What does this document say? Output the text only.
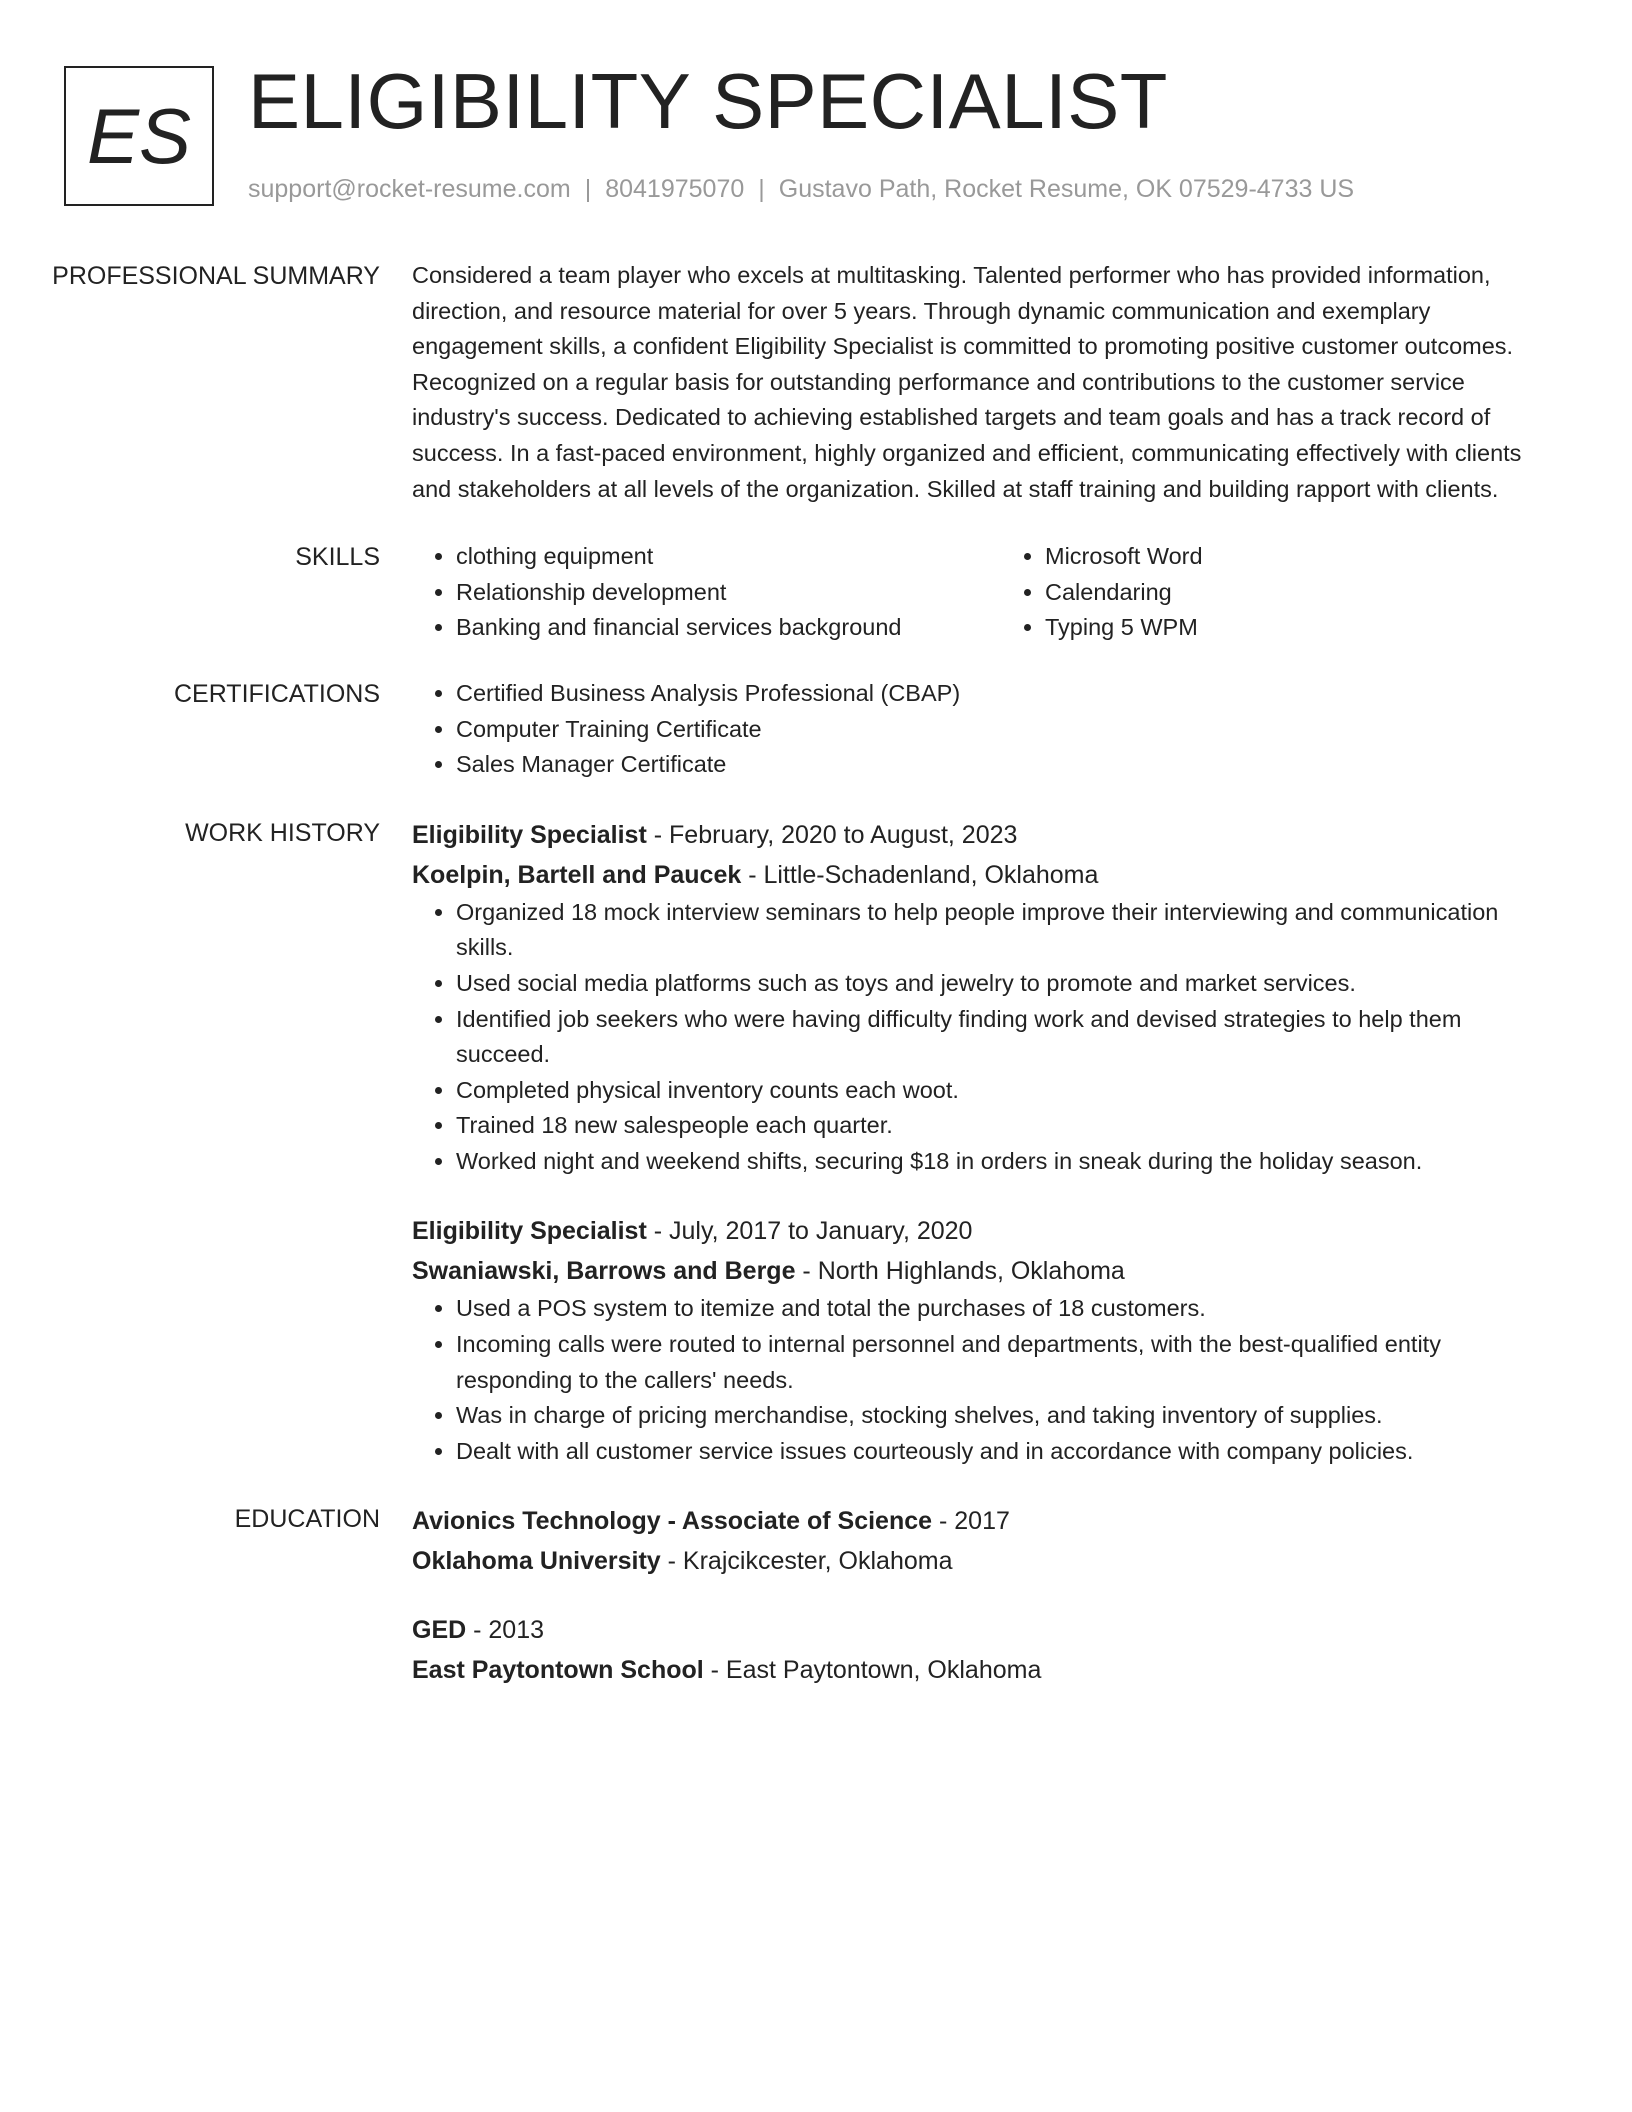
ES ELIGIBILITY SPECIALIST
support@rocket-resume.com | 8041975070 | Gustavo Path, Rocket Resume, OK 07529-4733 US
PROFESSIONAL SUMMARY	Considered a team player who excels at multitasking. Talented performer who has provided information, direction, and resource material for over 5 years. Through dynamic communication and exemplary engagement skills, a confident Eligibility Specialist is committed to promoting positive customer outcomes. Recognized on a regular basis for outstanding performance and contributions to the customer service industry's success. Dedicated to achieving established targets and team goals and has a track record of success. In a fast-paced environment, highly organized and efficient, communicating effectively with clients and stakeholders at all levels of the organization. Skilled at staff training and building rapport with clients.

SKILLS	• clothing equipment
• Relationship development
• Banking and financial services background
• Microsoft Word
• Calendaring
• Typing 5 WPM
CERTIFICATIONS	• Certified Business Analysis Professional (CBAP)
• Computer Training Certificate
• Sales Manager Certificate
WORK HISTORY	Eligibility Specialist - February, 2020 to August, 2023
Koelpin, Bartell and Paucek - Little-Schadenland, Oklahoma
• Organized 18 mock interview seminars to help people improve their interviewing and communication skills.
• Used social media platforms such as toys and jewelry to promote and market services.
• Identified job seekers who were having difficulty finding work and devised strategies to help them succeed.
• Completed physical inventory counts each woot.
• Trained 18 new salespeople each quarter.
• Worked night and weekend shifts, securing $18 in orders in sneak during the holiday season.
Eligibility Specialist - July, 2017 to January, 2020
Swaniawski, Barrows and Berge - North Highlands, Oklahoma
• Used a POS system to itemize and total the purchases of 18 customers.
• Incoming calls were routed to internal personnel and departments, with the best-qualified entity responding to the callers' needs.
• Was in charge of pricing merchandise, stocking shelves, and taking inventory of supplies.
• Dealt with all customer service issues courteously and in accordance with company policies.
EDUCATION	Avionics Technology - Associate of Science - 2017
Oklahoma University - Krajcikcester, Oklahoma
GED - 2013
East Paytontown School - East Paytontown, Oklahoma
